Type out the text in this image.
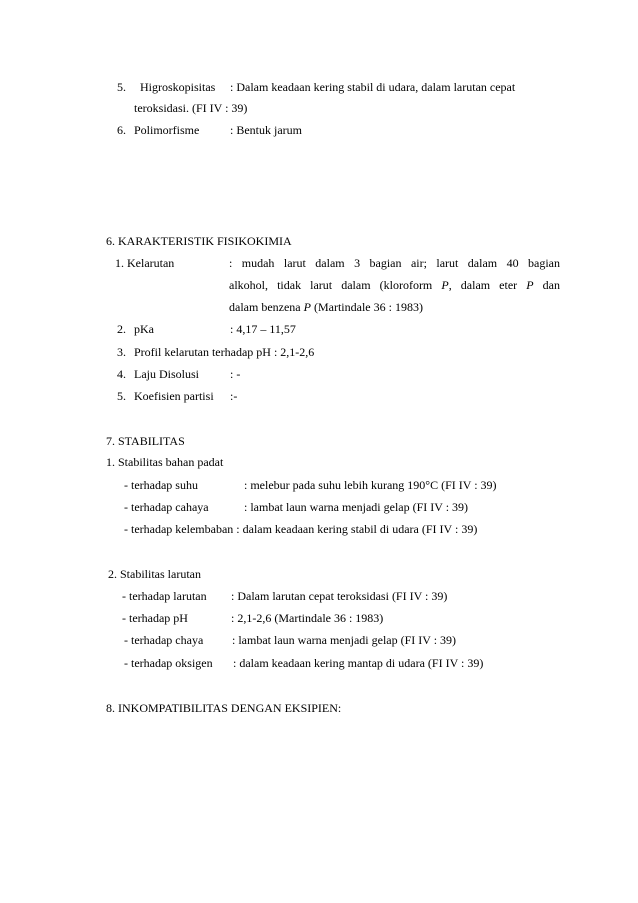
5. Higroskopisitas : Dalam keadaan kering stabil di udara, dalam larutan cepat
teroksidasi. (FI IV : 39)
6. Polimorfisme	: Bentuk jarum
6. KARAKTERISTIK FISIKOKIMIA
1. Kelarutan	: mudah larut dalam 3 bagian air; larut dalam 40 bagian
alkohol, tidak larut dalam (kloroform P, dalam eter P dan
dalam benzena P (Martindale 36 : 1983)
2. pKa	: 4,17 – 11,57
3. Profil kelarutan terhadap pH : 2,1-2,6
4. Laju Disolusi	: -
5. Koefisien partisi :-
7. STABILITAS
1. Stabilitas bahan padat
- terhadap suhu	: melebur pada suhu lebih kurang 190°C (FI IV : 39)
- terhadap cahaya	: lambat laun warna menjadi gelap (FI IV : 39)
- terhadap kelembaban : dalam keadaan kering stabil di udara (FI IV : 39)
2. Stabilitas larutan
- terhadap larutan : Dalam larutan cepat teroksidasi (FI IV : 39)
- terhadap pH	: 2,1-2,6 (Martindale 36 : 1983)
- terhadap chaya : lambat laun warna menjadi gelap (FI IV : 39)
- terhadap oksigen : dalam keadaan kering mantap di udara (FI IV : 39)
8. INKOMPATIBILITAS DENGAN EKSIPIEN:
